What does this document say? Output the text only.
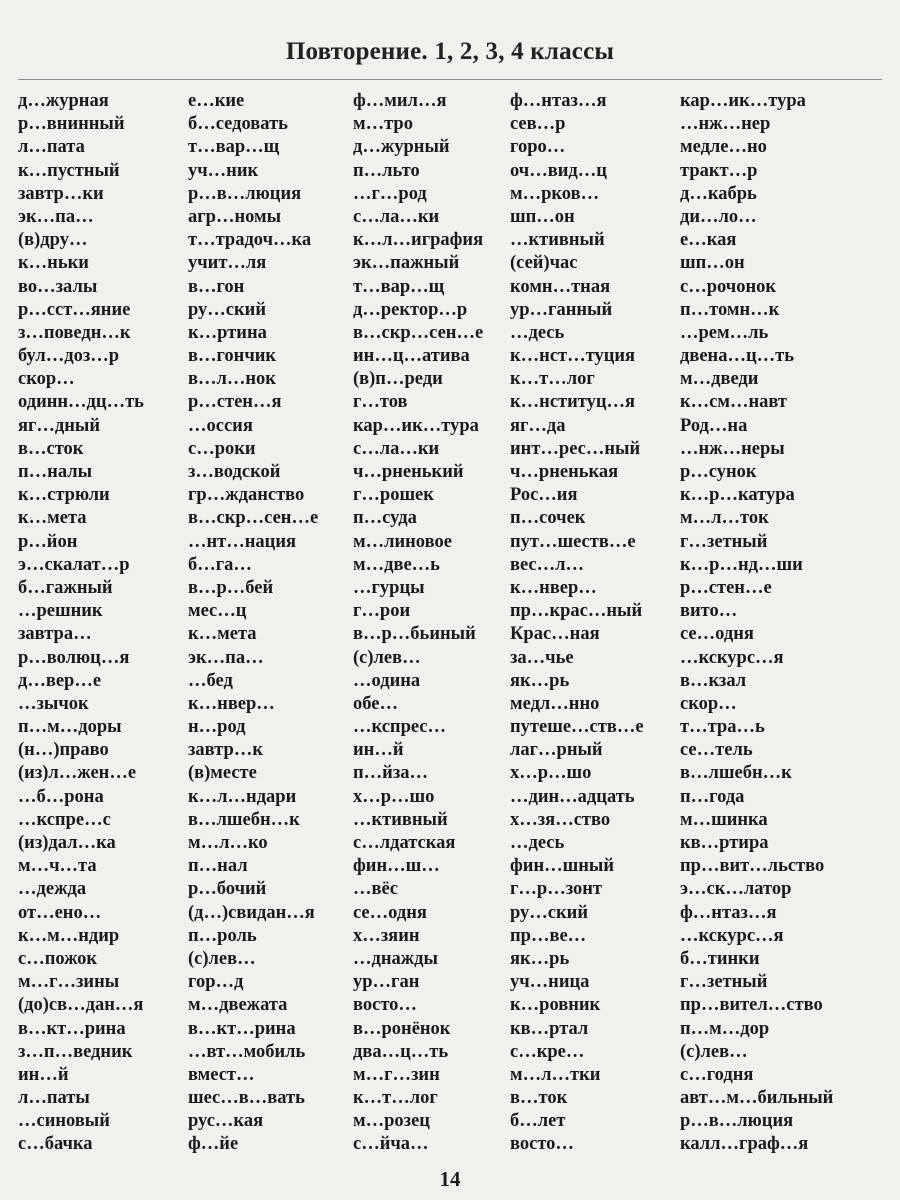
Повторение. 1, 2, 3, 4 классы
д…журная
р…внинный
л…пата
к…пустный
завтр…ки
эк…па…
(в)дру…
к…ньки
во…залы
р…сст…яние
з…поведн…к
бул…доз…р
скор…
одинн…дц…ть
яг…дный
в…сток
п…налы
к…стрюли
к…мета
р…йон
э…скалат…р
б…гажный
…решник
завтра…
р…волюц…я
д…вер…е
…зычок
п…м…доры
(н…)право
(из)л…жен…е
…б…рона
…кспре…с
(из)дал…ка
м…ч…та
…дежда
от…ено…
к…м…ндир
с…пожок
м…г…зины
(до)св…дан…я
в…кт…рина
з…п…ведник
ин…й
л…паты
…синовый
с…бачка
е…кие
б…седовать
т…вар…щ
уч…ник
р…в…люция
агр…номы
т…традоч…ка
учит…ля
в…гон
ру…ский
к…ртина
в…гончик
в…л…нок
р…стен…я
…оссия
с…роки
з…водской
гр…жданство
в…скр…сен…е
…нт…нация
б…га…
в…р…бей
мес…ц
к…мета
эк…па…
…бед
к…нвер…
н…род
завтр…к
(в)месте
к…л…ндари
в…лшебн…к
м…л…ко
п…нал
р…бочий
(д…)свидан…я
п…роль
(с)лев…
гор…д
м…двежата
в…кт…рина
…вт…мобиль
вмест…
шес…в…вать
рус…кая
ф…йе
ф…мил…я
м…тро
д…журный
п…льто
…г…род
с…ла…ки
к…л…играфия
эк…пажный
т…вар…щ
д…ректор…р
в…скр…сен…е
ин…ц…атива
(в)п…реди
г…тов
кар…ик…тура
с…ла…ки
ч…рненький
г…рошек
п…суда
м…линовое
м…две…ь
…гурцы
г…рои
в…р…бьиный
(с)лев…
…одина
обе…
…кспрес…
ин…й
п…йза…
х…р…шо
…ктивный
с…лдатская
фин…ш…
…вёс
се…одня
х…зяин
…днажды
ур…ган
восто…
в…ронёнок
два…ц…ть
м…г…зин
к…т…лог
м…розец
с…йча…
ф…нтаз…я
сев…р
горо…
оч…вид…ц
м…рков…
шп…он
…ктивный
(сей)час
комн…тная
ур…ганный
…десь
к…нст…туция
к…т…лог
к…нституц…я
яг…да
инт…рес…ный
ч…рненькая
Рос…ия
п…сочек
пут…шеств…е
вес…л…
к…нвер…
пр…крас…ный
Крас…ная
за…чье
як…рь
медл…нно
путеше…ств…е
лаг…рный
х…р…шо
…дин…адцать
х…зя…ство
…десь
фин…шный
г…р…зонт
ру…ский
пр…ве…
як…рь
уч…ница
к…ровник
кв…ртал
с…кре…
м…л…тки
в…ток
б…лет
восто…
кар…ик…тура
…нж…нер
медле…но
тракт…р
д…кабрь
ди…ло…
е…кая
шп…он
с…рочонок
п…томн…к
…рем…ль
двена…ц…ть
м…дведи
к…см…навт
Род…на
…нж…неры
р…сунок
к…р…катура
м…л…ток
г…зетный
к…р…нд…ши
р…стен…е
вито…
се…одня
…кскурс…я
в…кзал
скор…
т…тра…ь
се…тель
в…лшебн…к
п…года
м…шинка
кв…ртира
пр…вит…льство
э…ск…латор
ф…нтаз…я
…кскурс…я
б…тинки
г…зетный
пр…вител…ство
п…м…дор
(с)лев…
с…годня
авт…м…бильный
р…в…люция
калл…граф…я
14
